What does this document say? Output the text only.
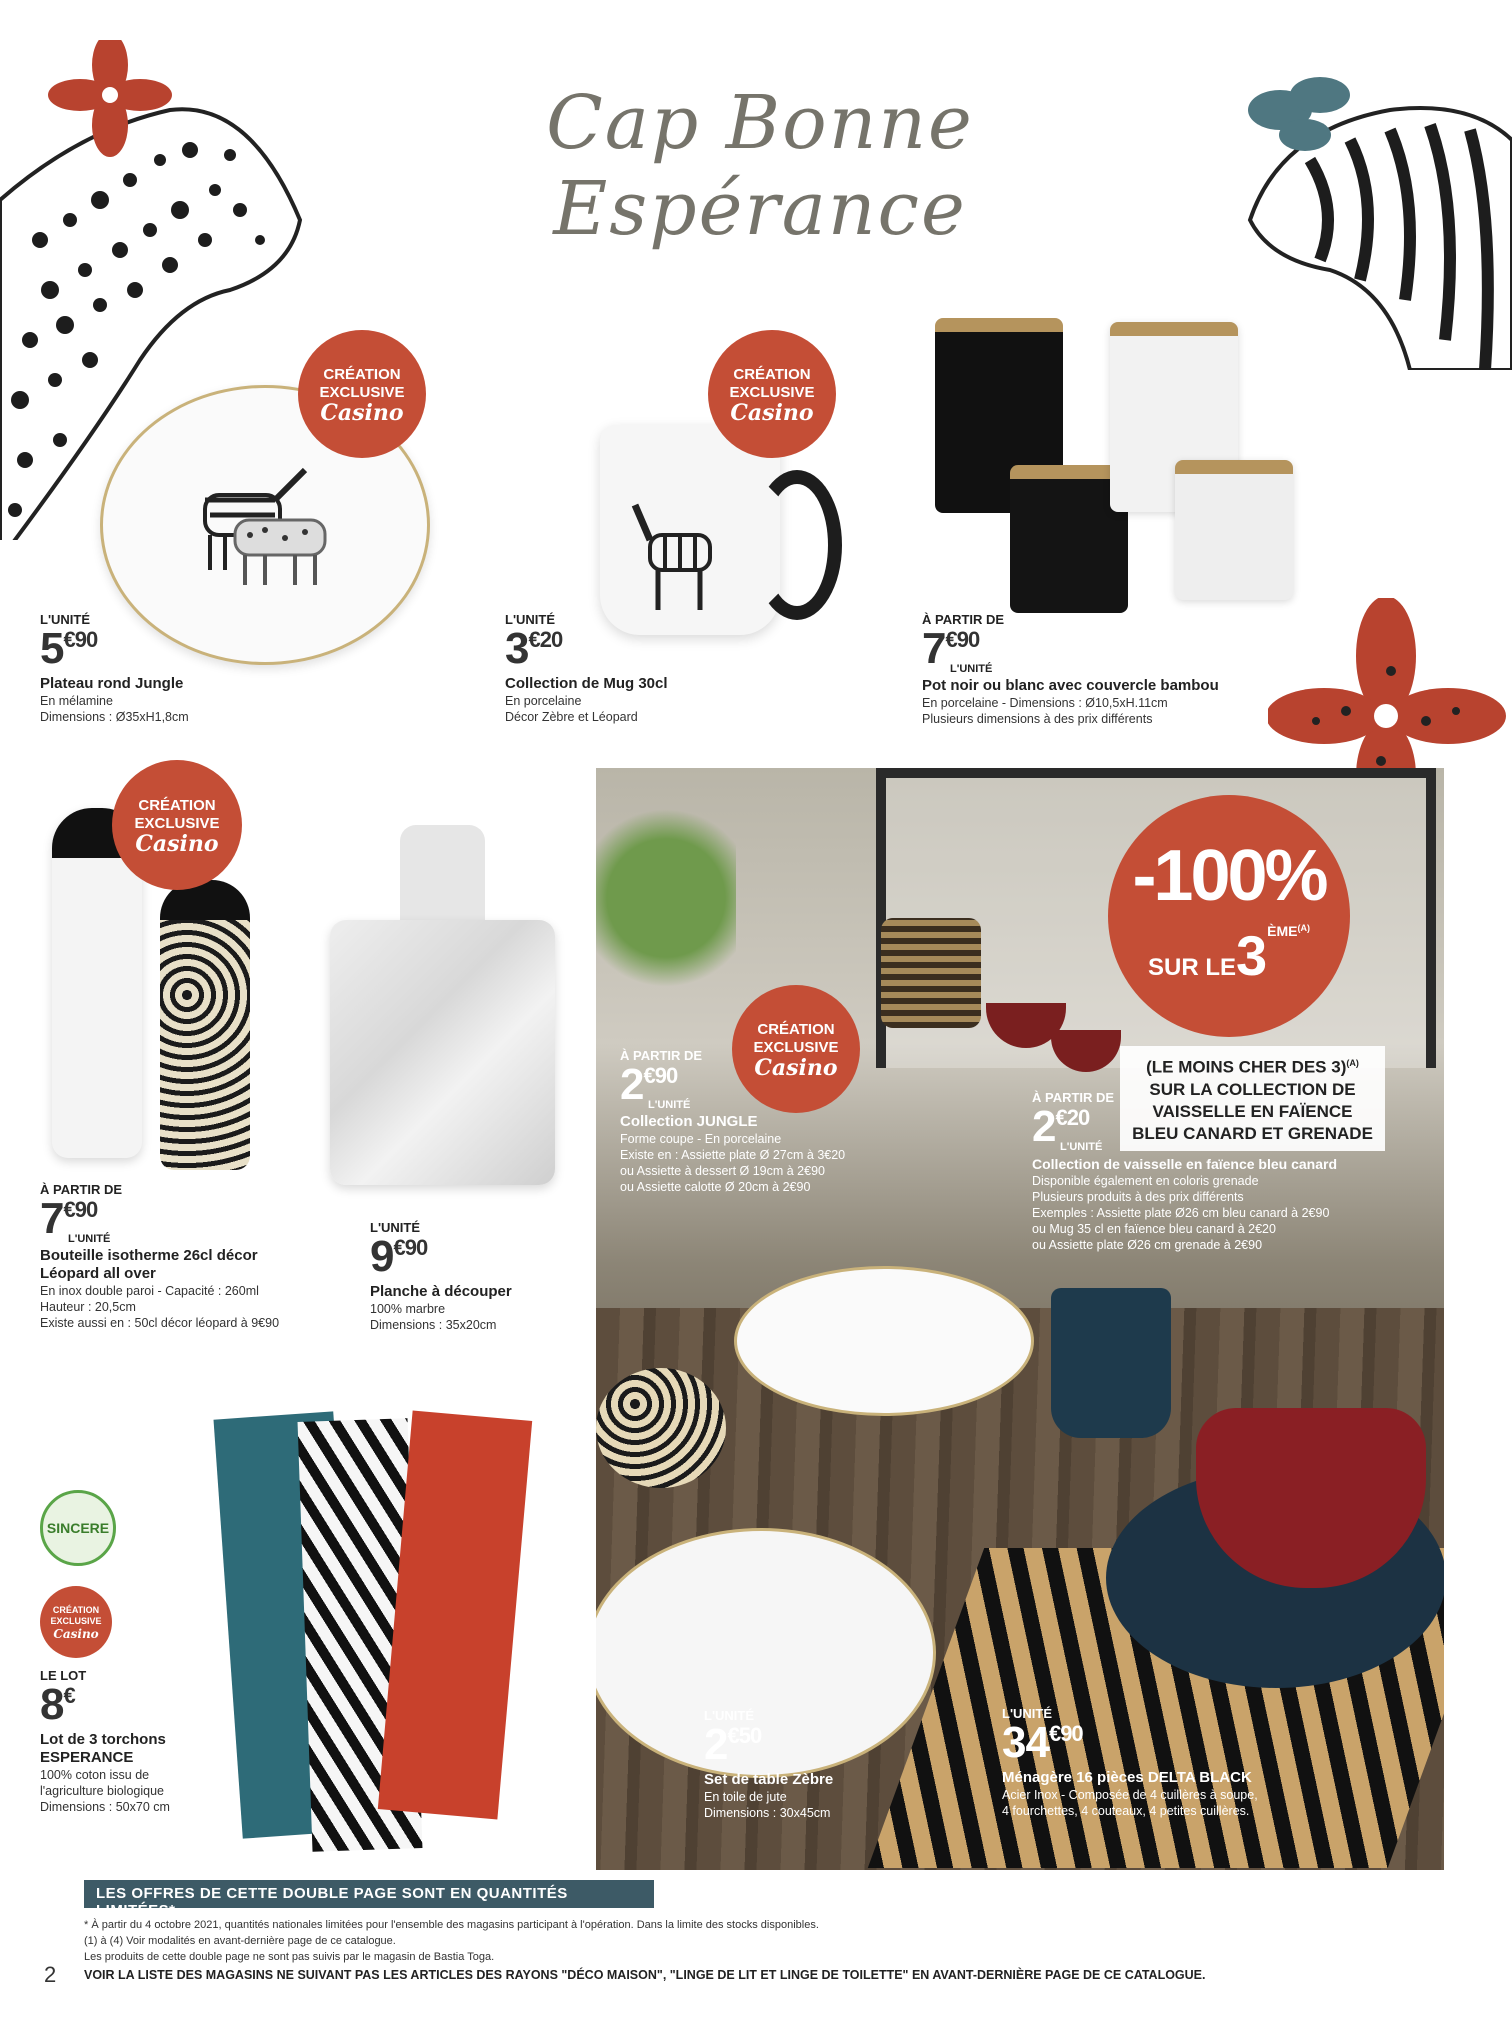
Cap Bonne Espérance
CRÉATION
EXCLUSIVE
Casino
L'UNITÉ
$5^{€90}$
Plateau rond Jungle
En mélamine
Dimensions : Ø35xH1,8cm
CRÉATION
EXCLUSIVE
Casino
L'UNITÉ
$3^{€20}$
Collection de Mug 30cl
En porcelaine
Décor Zèbre et Léopard
À PARTIR DE
$7^{€90}$
L'UNITÉ
Pot noir ou blanc avec couvercle bambou
En porcelaine - Dimensions : Ø10,5xH.11cm
Plusieurs dimensions à des prix différents
CRÉATION
EXCLUSIVE
Casino
À PARTIR DE
$7^{€90}$
L'UNITÉ
Bouteille isotherme 26cl décor
Léopard all over
En inox double paroi - Capacité : 260ml
Hauteur : 20,5cm
Existe aussi en : 50cl décor léopard à 9€90
L'UNITÉ
$9^{€90}$
Planche à découper
100% marbre
Dimensions : 35x20cm
SINCERE
CRÉATION
EXCLUSIVE
Casino
LE LOT
8€
Lot de 3 torchons
ESPERANCE
100% coton issu de
l'agriculture biologique
Dimensions : 50x70 cm
CRÉATION
EXCLUSIVE
Casino
-100%
SUR $LE3^{ÈME(A)}$
(LE MOINS CHER DES 3)$^{(A)}$
SUR LA COLLECTION DE
VAISSELLE EN FAÏENCE
BLEU CANARD ET GRENADE
À PARTIR DE
$2^{€90}$
L'UNITÉ
Collection JUNGLE
Forme coupe - En porcelaine
Existe en : Assiette plate Ø 27cm à 3€20
ou Assiette à dessert Ø 19cm à 2€90
ou Assiette calotte Ø 20cm à 2€90
À PARTIR DE
$2^{€20}$
L'UNITÉ
Collection de vaisselle en faïence bleu canard
Disponible également en coloris grenade
Plusieurs produits à des prix différents
Exemples : Assiette plate Ø26 cm bleu canard à 2€90
ou Mug 35 cl en faïence bleu canard à 2€20
ou Assiette plate Ø26 cm grenade à 2€90
L'UNITÉ
$2^{€50}$
Set de table Zèbre
En toile de jute
Dimensions : 30x45cm
L'UNITÉ
$34^{€90}$
Ménagère 16 pièces DELTA BLACK
Acier Inox - Composée de 4 cuillères à soupe,
4 fourchettes, 4 couteaux, 4 petites cuillères.
LES OFFRES DE CETTE DOUBLE PAGE SONT EN QUANTITÉS LIMITÉES*
* À partir du 4 octobre 2021, quantités nationales limitées pour l'ensemble des magasins participant à l'opération. Dans la limite des stocks disponibles.
(1) à (4) Voir modalités en avant-dernière page de ce catalogue.
Les produits de cette double page ne sont pas suivis par le magasin de Bastia Toga.
2 VOIR LA LISTE DES MAGASINS NE SUIVANT PAS LES ARTICLES DES RAYONS "DÉCO MAISON", "LINGE DE LIT ET LINGE DE TOILETTE" EN AVANT-DERNIÈRE PAGE DE CE CATALOGUE.
